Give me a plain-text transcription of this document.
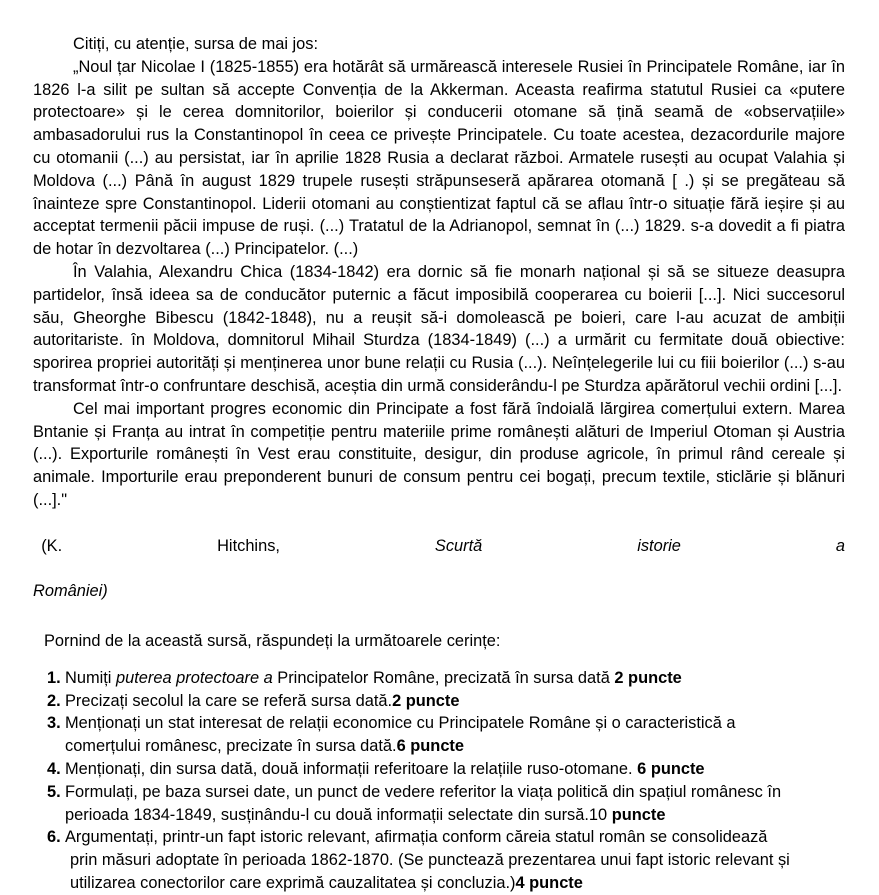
Citiți, cu atenție, sursa de mai jos:

„Noul țar Nicolae I (1825-1855) era hotărât să urmărească interesele Rusiei în Principatele Române, iar în 1826 l-a silit pe sultan să accepte Convenția de la Akkerman. Aceasta reafirma statutul Rusiei ca «putere protectoare» și le cerea domnitorilor, boierilor și conducerii otomane să țină seamă de «observațiile» ambasadorului rus la Constantinopol în ceea ce privește Principatele. Cu toate acestea, dezacordurile majore cu otomanii (...) au persistat, iar în aprilie 1828 Rusia a declarat război. Armatele rusești au ocupat Valahia și Moldova (...) Până în august 1829 trupele rusești străpunseseră apărarea otomană [ .) și se pregăteau să înainteze spre Constantinopol. Liderii otomani au conștientizat faptul că se aflau într-o situație fără ieșire și au acceptat termenii păcii impuse de ruși. (...) Tratatul de la Adrianopol, semnat în (...) 1829. s-a dovedit a fi piatra de hotar în dezvoltarea (...) Principatelor. (...)

În Valahia, Alexandru Chica (1834-1842) era dornic să fie monarh național și să se situeze deasupra partidelor, însă ideea sa de conducător puternic a făcut imposibilă cooperarea cu boierii [...]. Nici succesorul său, Gheorghe Bibescu (1842-1848), nu a reușit să-i domolească pe boieri, care l-au acuzat de ambiții autoritariste. în Moldova, domnitorul Mihail Sturdza (1834-1849) (...) a urmărit cu fermitate două obiective: sporirea propriei autorități și menținerea unor bune relații cu Rusia (...). Neînțelegerile lui cu fiii boierilor (...) s-au transformat într-o confruntare deschisă, aceștia din urmă considerându-l pe Sturdza apărătorul vechii ordini [...].

Cel mai important progres economic din Principate a fost fără îndoială lărgirea comerțului extern. Marea Bntanie și Franța au intrat în competiție pentru materiile prime românești alături de Imperiul Otoman și Austria (...). Exporturile românești în Vest erau constituite, desigur, din produse agricole, în primul rând cereale și animale. Importurile erau preponderent bunuri de consum pentru cei bogați, precum textile, sticlărie și blănuri (...]."

(K. Hitchins, Scurtă istorie a

României)

Pornind de la această sursă, răspundeți la următoarele cerințe:
1. Numiți puterea protectoare a Principatelor Române, precizată în sursa dată 2 puncte
2. Precizați secolul la care se referă sursa dată.2 puncte
3. Menționați un stat interesat de relații economice cu Principatele Române și o caracteristică a
comerțului românesc, precizate în sursa dată.6 puncte
4. Menționați, din sursa dată, două informații referitoare la relațiile ruso-otomane. 6 puncte
5. Formulați, pe baza sursei date, un punct de vedere referitor la viața politică din spațiul românesc în
perioada 1834-1849, susținându-l cu două informații selectate din sursă.10 puncte
6. Argumentați, printr-un fapt istoric relevant, afirmația conform căreia statul român se consolidează
prin măsuri adoptate în perioada 1862-1870. (Se punctează prezentarea unui fapt istoric relevant și
utilizarea conectorilor care exprimă cauzalitatea și concluzia.)4 puncte
